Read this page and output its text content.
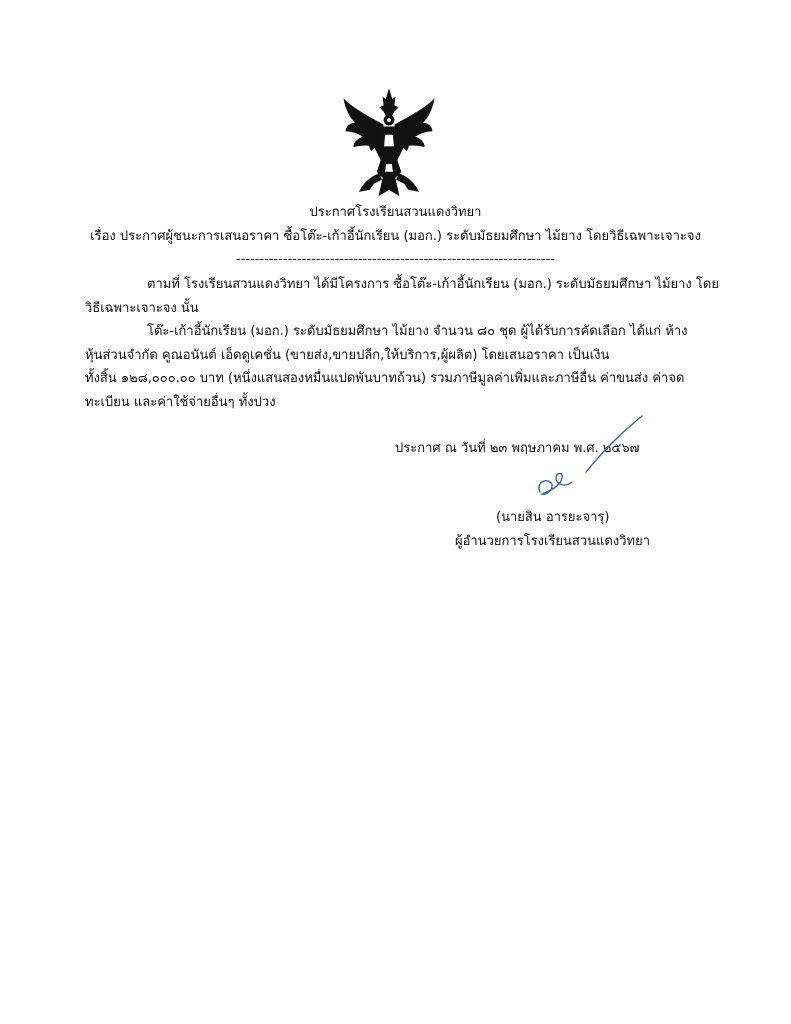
ประกาศโรงเรียนสวนแดงวิทยา
เรื่อง ประกาศผู้ชนะการเสนอราคา ซื้อโต๊ะ-เก้าอี้นักเรียน (มอก.) ระดับมัธยมศึกษา ไม้ยาง โดยวิธีเฉพาะเจาะจง
--------------------------------------------------------------------
ตามที่ โรงเรียนสวนแดงวิทยา ได้มีโครงการ ซื้อโต๊ะ-เก้าอี้นักเรียน (มอก.) ระดับมัธยมศึกษา ไม้ยาง โดย
วิธีเฉพาะเจาะจง นั้น
โต๊ะ-เก้าอี้นักเรียน (มอก.) ระดับมัธยมศึกษา ไม้ยาง จำนวน ๘๐ ชุด ผู้ได้รับการคัดเลือก ได้แก่ ห้าง
หุ้นส่วนจำกัด คูณอนันต์ เอ็ดดูเคชั่น (ขายส่ง,ขายปลีก,ให้บริการ,ผู้ผลิต) โดยเสนอราคา เป็นเงิน
ทั้งสิ้น ๑๒๘,๐๐๐.๐๐ บาท (หนึ่งแสนสองหมื่นแปดพันบาทถ้วน) รวมภาษีมูลค่าเพิ่มและภาษีอื่น ค่าขนส่ง ค่าจด
ทะเบียน และค่าใช้จ่ายอื่นๆ ทั้งปวง
ประกาศ ณ วันที่ ๒๓ พฤษภาคม พ.ศ. ๒๕๖๗
(นายสิน อารยะจารุ)
ผู้อำนวยการโรงเรียนสวนแดงวิทยา
